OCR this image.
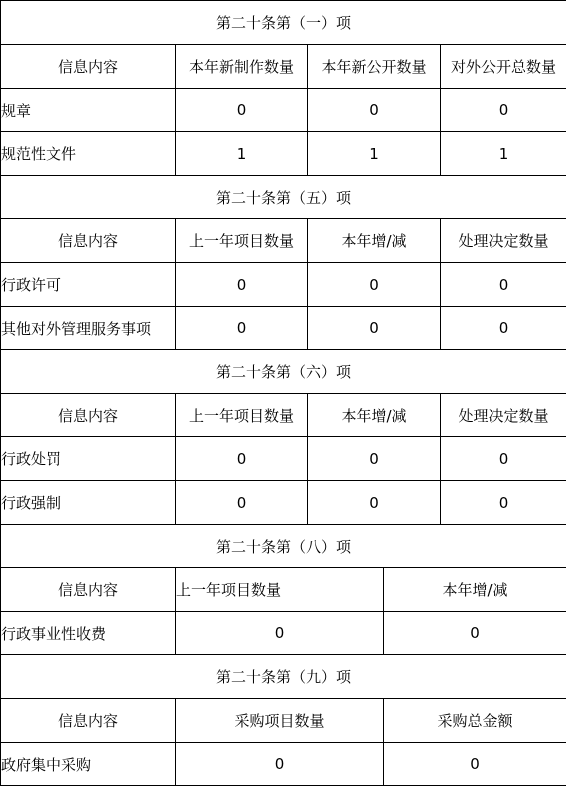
第二十条第（一）项				
信息内容	本年新制作数量	本年新公开数量		对外公开总数量
规章	0	0		0
规范性文件	1	1		1
第二十条第（五）项				
信息内容	上一年项目数量	本年增/减		处理决定数量
行政许可	0	0		0
其他对外管理服务事项	0	0		0
第二十条第（六）项				
信息内容	上一年项目数量	本年增/减		处理决定数量
行政处罚	0	0		0
行政强制	0	0		0
第二十条第（八）项				
信息内容	上一年项目数量		本年增/减	
行政事业性收费	0		0	
第二十条第（九）项				
信息内容	采购项目数量		采购总金额	
政府集中采购	0		0	
